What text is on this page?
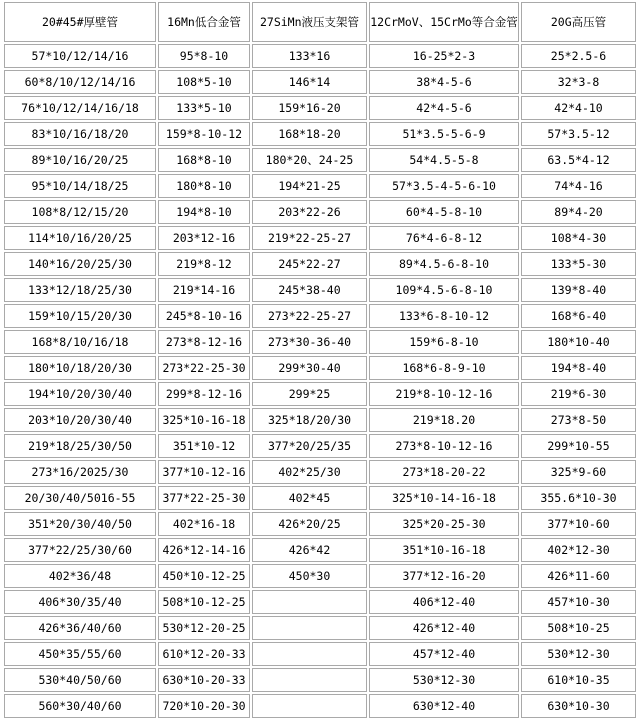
20#45#厚壁管	16Mn低合金管	27SiMn液压支架管	12CrMoV、15CrMo等合金管	20G高压管
57*10/12/14/16	95*8-10	133*16	16-25*2-3	25*2.5-6
60*8/10/12/14/16	108*5-10	146*14	38*4-5-6	32*3-8
76*10/12/14/16/18	133*5-10	159*16-20	42*4-5-6	42*4-10
83*10/16/18/20	159*8-10-12	168*18-20	51*3.5-5-6-9	57*3.5-12
89*10/16/20/25	168*8-10	180*20、24-25	54*4.5-5-8	63.5*4-12
95*10/14/18/25	180*8-10	194*21-25	57*3.5-4-5-6-10	74*4-16
108*8/12/15/20	194*8-10	203*22-26	60*4-5-8-10	89*4-20
114*10/16/20/25	203*12-16	219*22-25-27	76*4-6-8-12	108*4-30
140*16/20/25/30	219*8-12	245*22-27	89*4.5-6-8-10	133*5-30
133*12/18/25/30	219*14-16	245*38-40	109*4.5-6-8-10	139*8-40
159*10/15/20/30	245*8-10-16	273*22-25-27	133*6-8-10-12	168*6-40
168*8/10/16/18	273*8-12-16	273*30-36-40	159*6-8-10	180*10-40
180*10/18/20/30	273*22-25-30	299*30-40	168*6-8-9-10	194*8-40
194*10/20/30/40	299*8-12-16	299*25	219*8-10-12-16	219*6-30
203*10/20/30/40	325*10-16-18	325*18/20/30	219*18.20	273*8-50
219*18/25/30/50	351*10-12	377*20/25/35	273*8-10-12-16	299*10-55
273*16/2025/30	377*10-12-16	402*25/30	273*18-20-22	325*9-60
20/30/40/5016-55	377*22-25-30	402*45	325*10-14-16-18	355.6*10-30
351*20/30/40/50	402*16-18	426*20/25	325*20-25-30	377*10-60
377*22/25/30/60	426*12-14-16	426*42	351*10-16-18	402*12-30
402*36/48	450*10-12-25	450*30	377*12-16-20	426*11-60
406*30/35/40	508*10-12-25		406*12-40	457*10-30
426*36/40/60	530*12-20-25		426*12-40	508*10-25
450*35/55/60	610*12-20-33		457*12-40	530*12-30
530*40/50/60	630*10-20-33		530*12-30	610*10-35
560*30/40/60	720*10-20-30		630*12-40	630*10-30
